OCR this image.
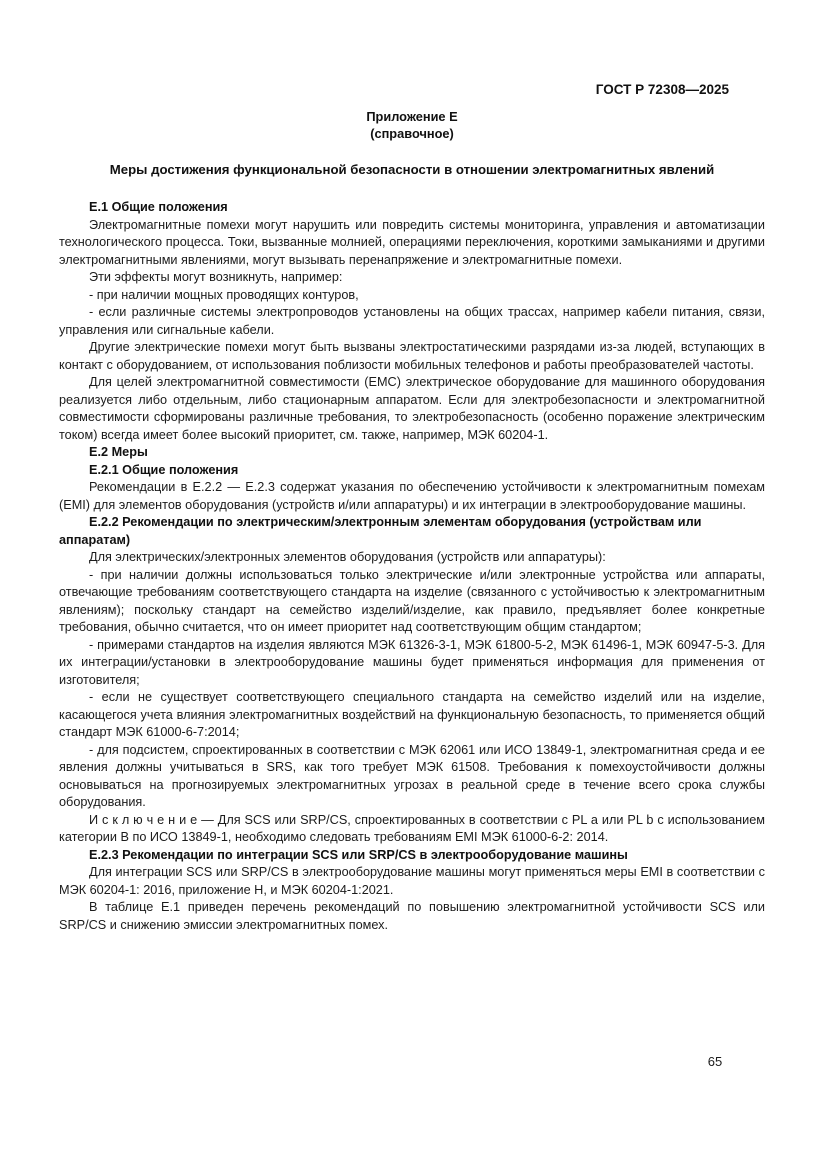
ГОСТ Р 72308—2025
Приложение Е
(справочное)
Меры достижения функциональной безопасности в отношении электромагнитных явлений

Е.1 Общие положения

Электромагнитные помехи могут нарушить или повредить системы мониторинга, управления и автоматизации технологического процесса. Токи, вызванные молнией, операциями переключения, короткими замыканиями и другими электромагнитными явлениями, могут вызывать перенапряжение и электромагнитные помехи.

Эти эффекты могут возникнуть, например:

- при наличии мощных проводящих контуров,

- если различные системы электропроводов установлены на общих трассах, например кабели питания, связи, управления или сигнальные кабели.

Другие электрические помехи могут быть вызваны электростатическими разрядами из-за людей, вступающих в контакт с оборудованием, от использования поблизости мобильных телефонов и работы преобразователей частоты.

Для целей электромагнитной совместимости (EMC) электрическое оборудование для машинного оборудования реализуется либо отдельным, либо стационарным аппаратом. Если для электробезопасности и электромагнитной совместимости сформированы различные требования, то электробезопасность (особенно поражение электрическим током) всегда имеет более высокий приоритет, см. также, например, МЭК 60204-1.

Е.2 Меры

Е.2.1 Общие положения

Рекомендации в Е.2.2 — Е.2.3 содержат указания по обеспечению устойчивости к электромагнитным помехам (EMI) для элементов оборудования (устройств и/или аппаратуры) и их интеграции в электрооборудование машины.

Е.2.2 Рекомендации по электрическим/электронным элементам оборудования (устройствам или аппаратам)

Для электрических/электронных элементов оборудования (устройств или аппаратуры):

- при наличии должны использоваться только электрические и/или электронные устройства или аппараты, отвечающие требованиям соответствующего стандарта на изделие (связанного с устойчивостью к электромагнитным явлениям); поскольку стандарт на семейство изделий/изделие, как правило, предъявляет более конкретные требования, обычно считается, что он имеет приоритет над соответствующим общим стандартом;

- примерами стандартов на изделия являются МЭК 61326-3-1, МЭК 61800-5-2, МЭК 61496-1, МЭК 60947-5-3. Для их интеграции/установки в электрооборудование машины будет применяться информация для применения от изготовителя;

- если не существует соответствующего специального стандарта на семейство изделий или на изделие, касающегося учета влияния электромагнитных воздействий на функциональную безопасность, то применяется общий стандарт МЭК 61000-6-7:2014;

- для подсистем, спроектированных в соответствии с МЭК 62061 или ИСО 13849-1, электромагнитная среда и ее явления должны учитываться в SRS, как того требует МЭК 61508. Требования к помехоустойчивости должны основываться на прогнозируемых электромагнитных угрозах в реальной среде в течение всего срока службы оборудования.

И с к л ю ч е н и е — Для SCS или SRP/CS, спроектированных в соответствии с PL a или PL b с использованием категории B по ИСО 13849-1, необходимо следовать требованиям EMI МЭК 61000-6-2: 2014.

Е.2.3 Рекомендации по интеграции SCS или SRP/CS в электрооборудование машины

Для интеграции SCS или SRP/CS в электрооборудование машины могут применяться меры EMI в соответствии с МЭК 60204-1: 2016, приложение H, и МЭК 60204-1:2021.

В таблице Е.1 приведен перечень рекомендаций по повышению электромагнитной устойчивости SCS или SRP/CS и снижению эмиссии электромагнитных помех.

65
